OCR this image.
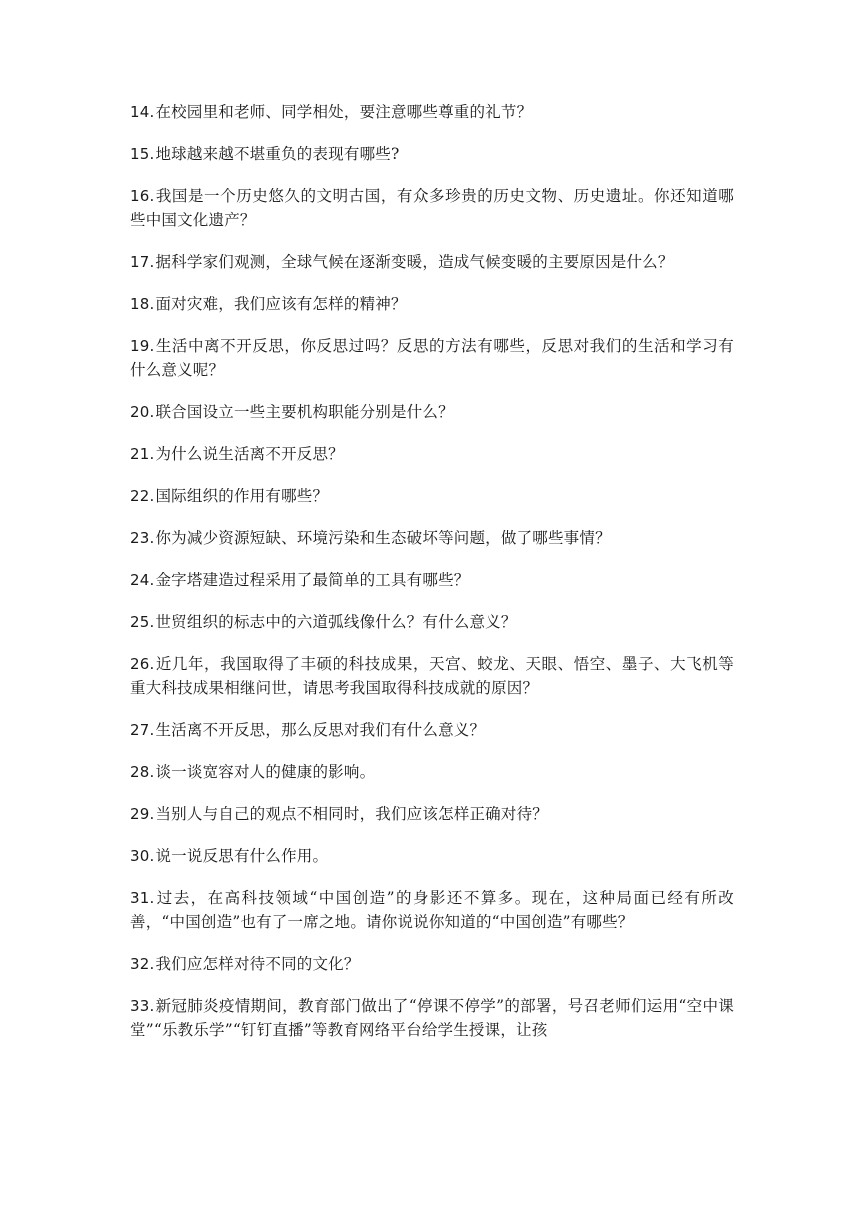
14.在校园里和老师、同学相处，要注意哪些尊重的礼节？

15.地球越来越不堪重负的表现有哪些?

16.我国是一个历史悠久的文明古国，有众多珍贵的历史文物、历史遗址。你还知道哪些中国文化遗产？

17.据科学家们观测，全球气候在逐渐变暖，造成气候变暖的主要原因是什么？

18.面对灾难，我们应该有怎样的精神？

19.生活中离不开反思，你反思过吗？反思的方法有哪些，反思对我们的生活和学习有什么意义呢？

20.联合国设立一些主要机构职能分别是什么？

21.为什么说生活离不开反思？

22.国际组织的作用有哪些？

23.你为减少资源短缺、环境污染和生态破坏等问题，做了哪些事情？

24.金字塔建造过程采用了最简单的工具有哪些？

25.世贸组织的标志中的六道弧线像什么？有什么意义？

26.近几年，我国取得了丰硕的科技成果，天宫、蛟龙、天眼、悟空、墨子、大飞机等重大科技成果相继问世，请思考我国取得科技成就的原因？

27.生活离不开反思，那么反思对我们有什么意义？

28.谈一谈宽容对人的健康的影响。

29.当别人与自己的观点不相同时，我们应该怎样正确对待？

30.说一说反思有什么作用。

31.过去，在高科技领域“中国创造”的身影还不算多。现在，这种局面已经有所改善，“中国创造”也有了一席之地。请你说说你知道的“中国创造”有哪些？

32.我们应怎样对待不同的文化？

33.新冠肺炎疫情期间，教育部门做出了“停课不停学”的部署，号召老师们运用“空中课堂”“乐教乐学”“钉钉直播”等教育网络平台给学生授课，让孩
